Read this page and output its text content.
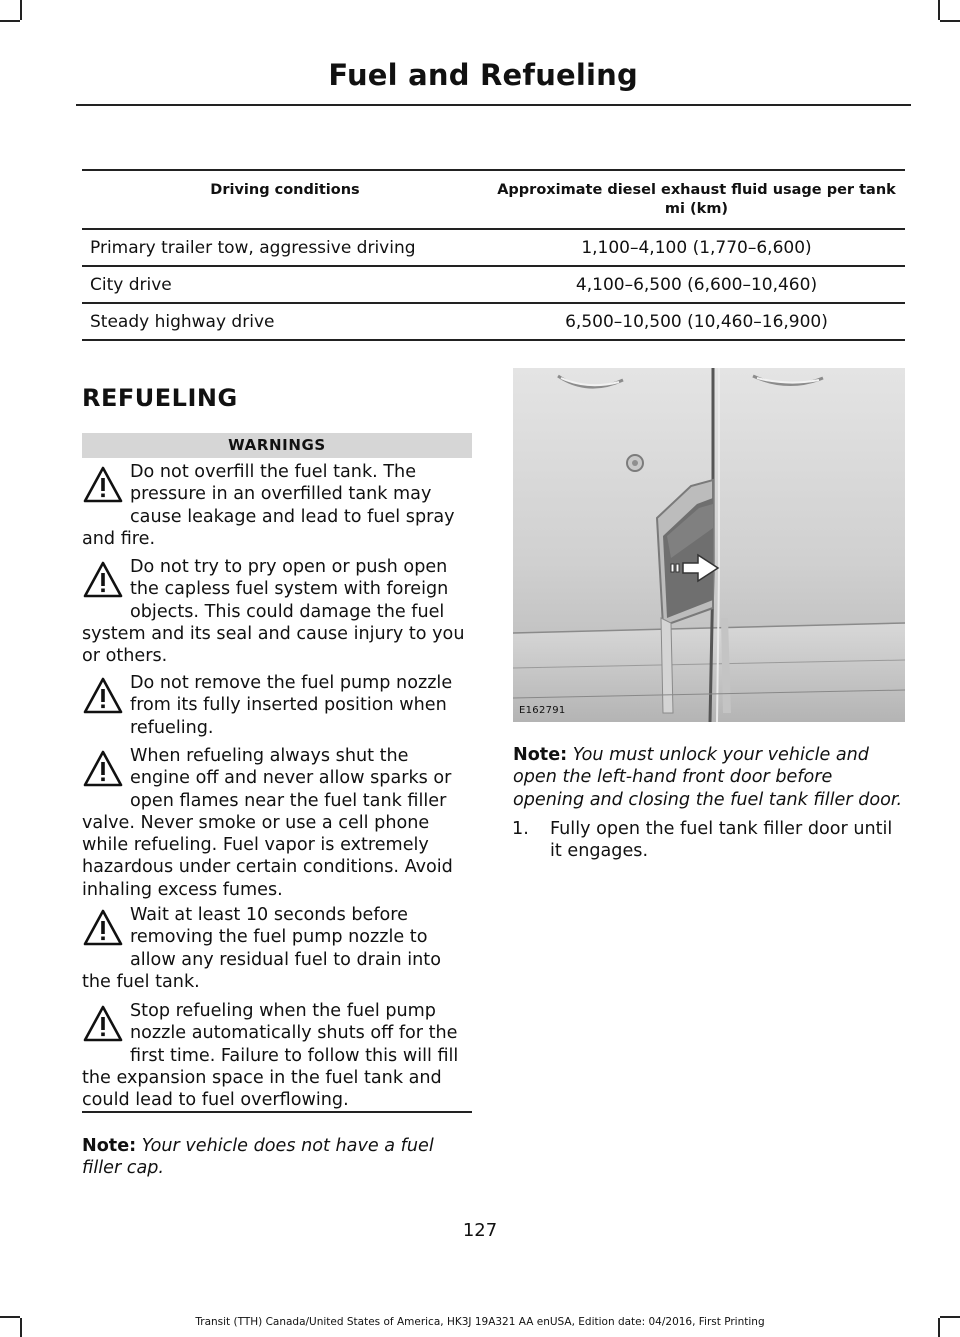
Fuel and Refueling
Driving conditions	Approximate diesel exhaust fluid usage per tank mi (km)
Primary trailer tow, aggressive driving	1,100–4,100 (1,770–6,600)
City drive	4,100–6,500 (6,600–10,460)
Steady highway drive	6,500–10,500 (10,460–16,900)
REFUELING
WARNINGS
Do not overfill the fuel tank. The pressure in an overfilled tank may cause leakage and lead to fuel spray and fire.
Do not try to pry open or push open the capless fuel system with foreign objects. This could damage the fuel system and its seal and cause injury to you or others.
Do not remove the fuel pump nozzle from its fully inserted position when refueling.
When refueling always shut the engine off and never allow sparks or open flames near the fuel tank filler valve. Never smoke or use a cell phone while refueling. Fuel vapor is extremely hazardous under certain conditions. Avoid inhaling excess fumes.
Wait at least 10 seconds before removing the fuel pump nozzle to allow any residual fuel to drain into the fuel tank.
Stop refueling when the fuel pump nozzle automatically shuts off for the first time. Failure to follow this will fill the expansion space in the fuel tank and could lead to fuel overflowing.
Note: Your vehicle does not have a fuel filler cap.
E162791
Note: You must unlock your vehicle and open the left-hand front door before opening and closing the fuel tank filler door.
1. Fully open the fuel tank filler door until it engages.
127
Transit (TTH) Canada/United States of America, HK3J 19A321 AA enUSA, Edition date: 04/2016, First Printing
